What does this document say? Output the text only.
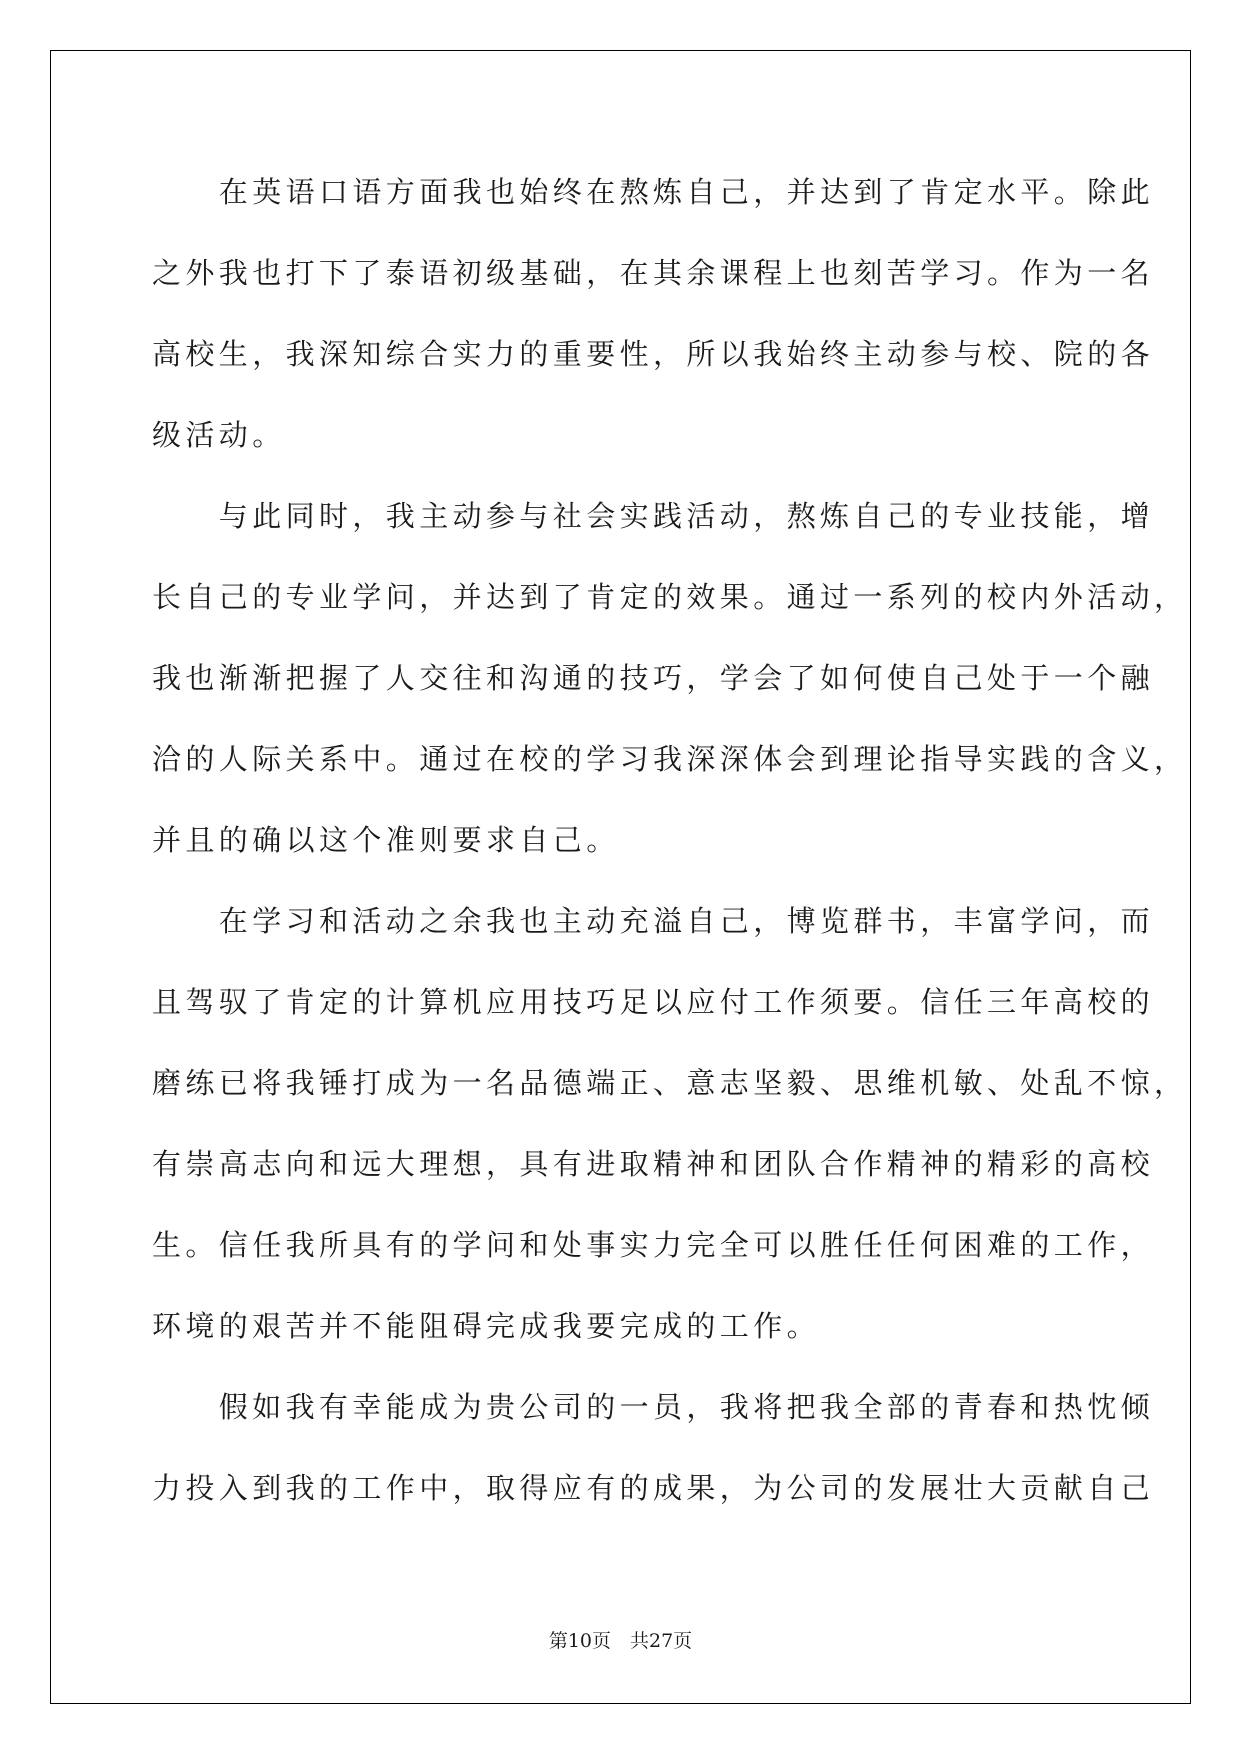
　　在英语口语方面我也始终在熬炼自己，并达到了肯定水平。除此

之外我也打下了泰语初级基础，在其余课程上也刻苦学习。作为一名

高校生，我深知综合实力的重要性，所以我始终主动参与校、院的各

级活动。

　　与此同时，我主动参与社会实践活动，熬炼自己的专业技能，增

长自己的专业学问，并达到了肯定的效果。通过一系列的校内外活动，

我也渐渐把握了人交往和沟通的技巧，学会了如何使自己处于一个融

洽的人际关系中。通过在校的学习我深深体会到理论指导实践的含义，

并且的确以这个准则要求自己。

　　在学习和活动之余我也主动充溢自己，博览群书，丰富学问，而

且驾驭了肯定的计算机应用技巧足以应付工作须要。信任三年高校的

磨练已将我锤打成为一名品德端正、意志坚毅、思维机敏、处乱不惊，

有崇高志向和远大理想，具有进取精神和团队合作精神的精彩的高校

生。信任我所具有的学问和处事实力完全可以胜任任何困难的工作，

环境的艰苦并不能阻碍完成我要完成的工作。

　　假如我有幸能成为贵公司的一员，我将把我全部的青春和热忱倾

力投入到我的工作中，取得应有的成果，为公司的发展壮大贡献自己

第10页　共27页
